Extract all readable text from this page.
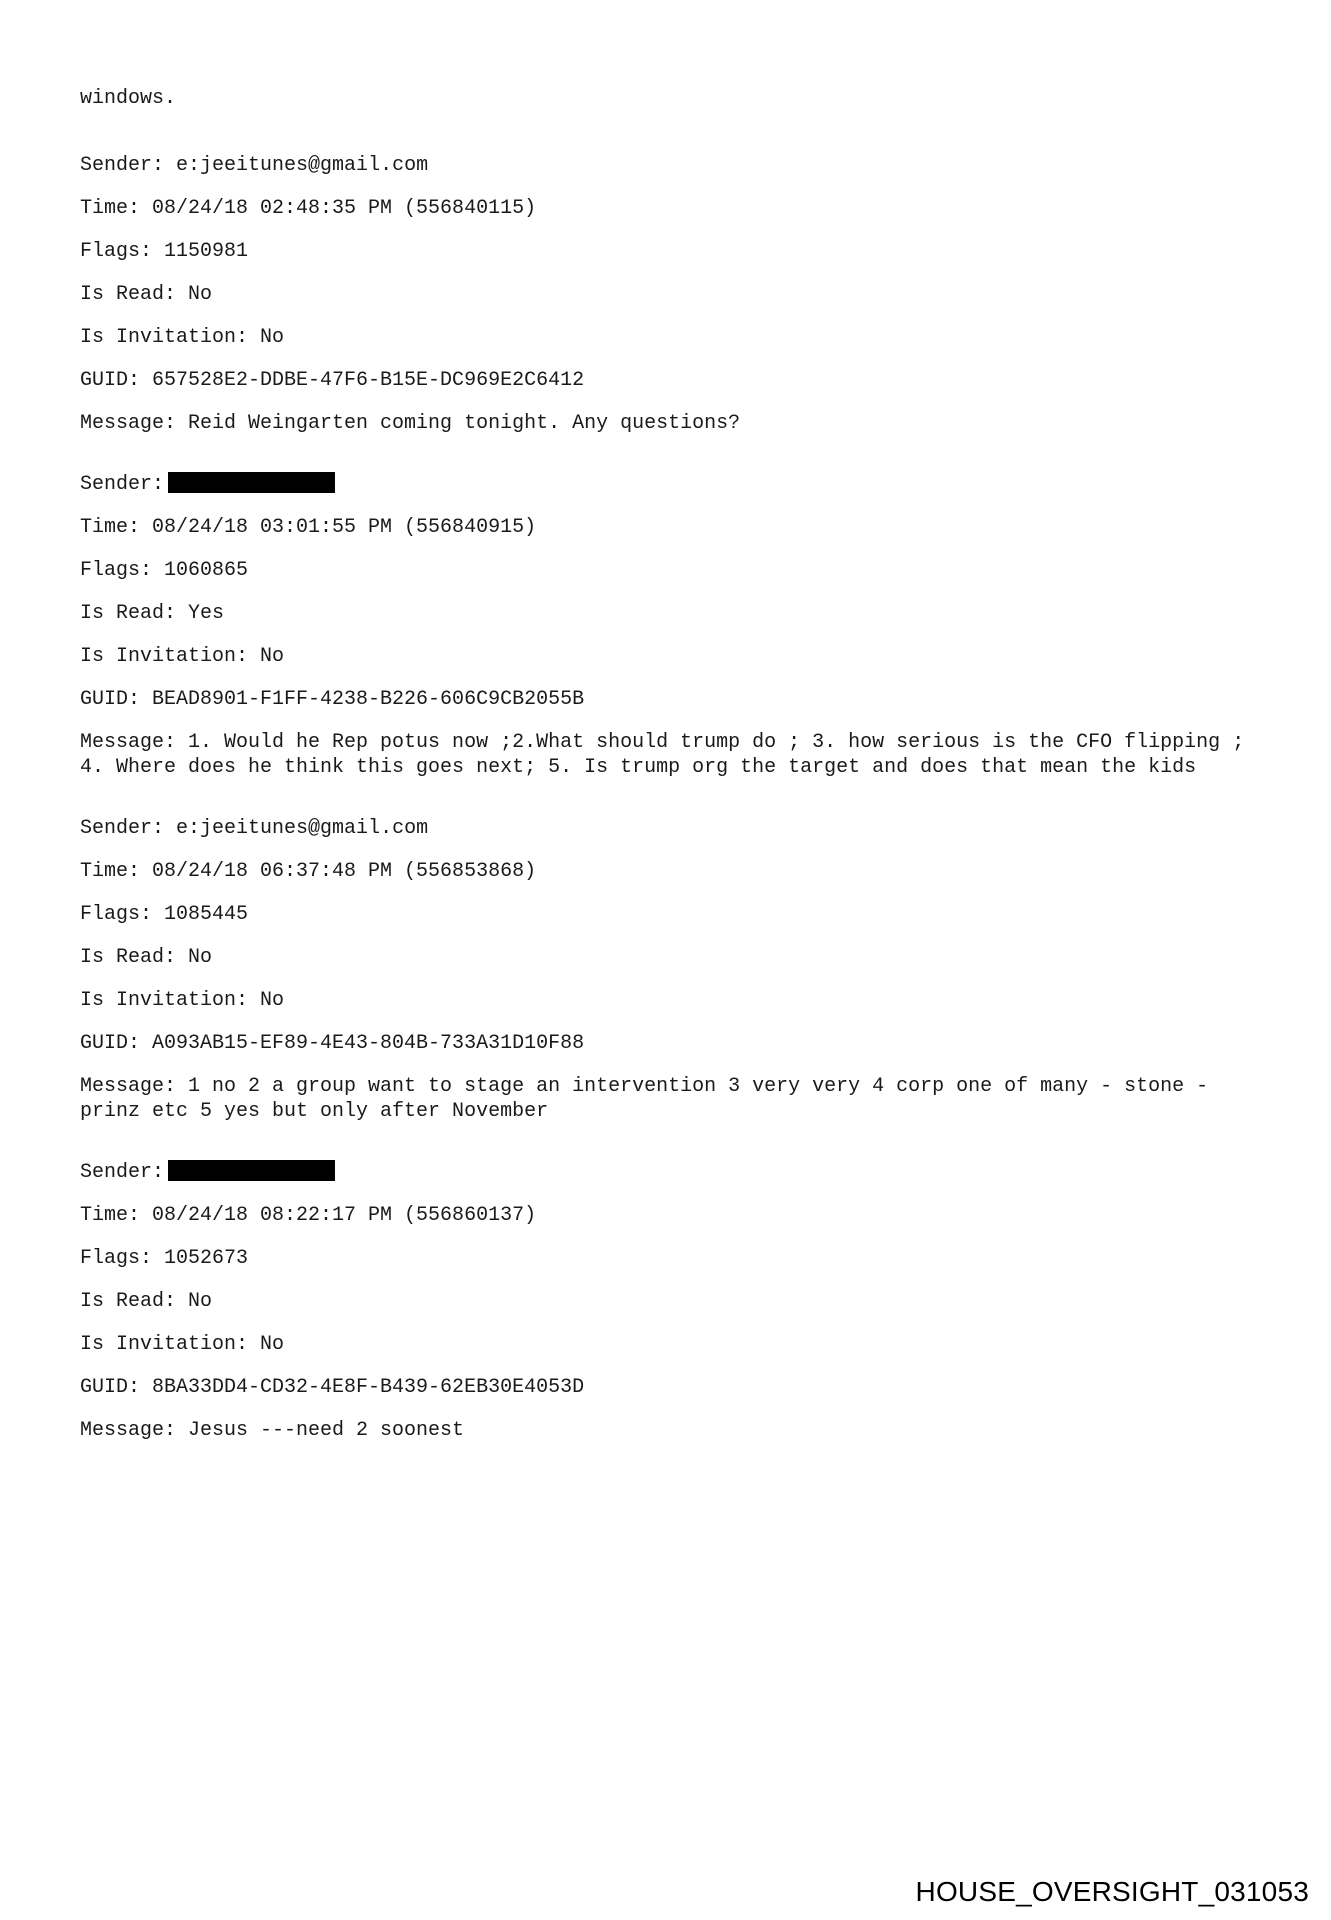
windows.
Sender: e:jeeitunes@gmail.com
Time: 08/24/18 02:48:35 PM (556840115)
Flags: 1150981
Is Read: No
Is Invitation: No
GUID: 657528E2-DDBE-47F6-B15E-DC969E2C6412
Message: Reid Weingarten coming tonight. Any questions?
Sender:
Time: 08/24/18 03:01:55 PM (556840915)
Flags: 1060865
Is Read: Yes
Is Invitation: No
GUID: BEAD8901-F1FF-4238-B226-606C9CB2055B
Message: 1. Would he Rep potus now ;2.What should trump do ; 3. how serious is the CFO flipping ; 4. Where does he think this goes next; 5. Is trump org the target and does that mean the kids
Sender: e:jeeitunes@gmail.com
Time: 08/24/18 06:37:48 PM (556853868)
Flags: 1085445
Is Read: No
Is Invitation: No
GUID: A093AB15-EF89-4E43-804B-733A31D10F88
Message: 1 no 2 a group want to stage an intervention 3 very very 4 corp one of many - stone - prinz etc 5 yes but only after November
Sender:
Time: 08/24/18 08:22:17 PM (556860137)
Flags: 1052673
Is Read: No
Is Invitation: No
GUID: 8BA33DD4-CD32-4E8F-B439-62EB30E4053D
Message: Jesus ---need 2 soonest
HOUSE_OVERSIGHT_031053
